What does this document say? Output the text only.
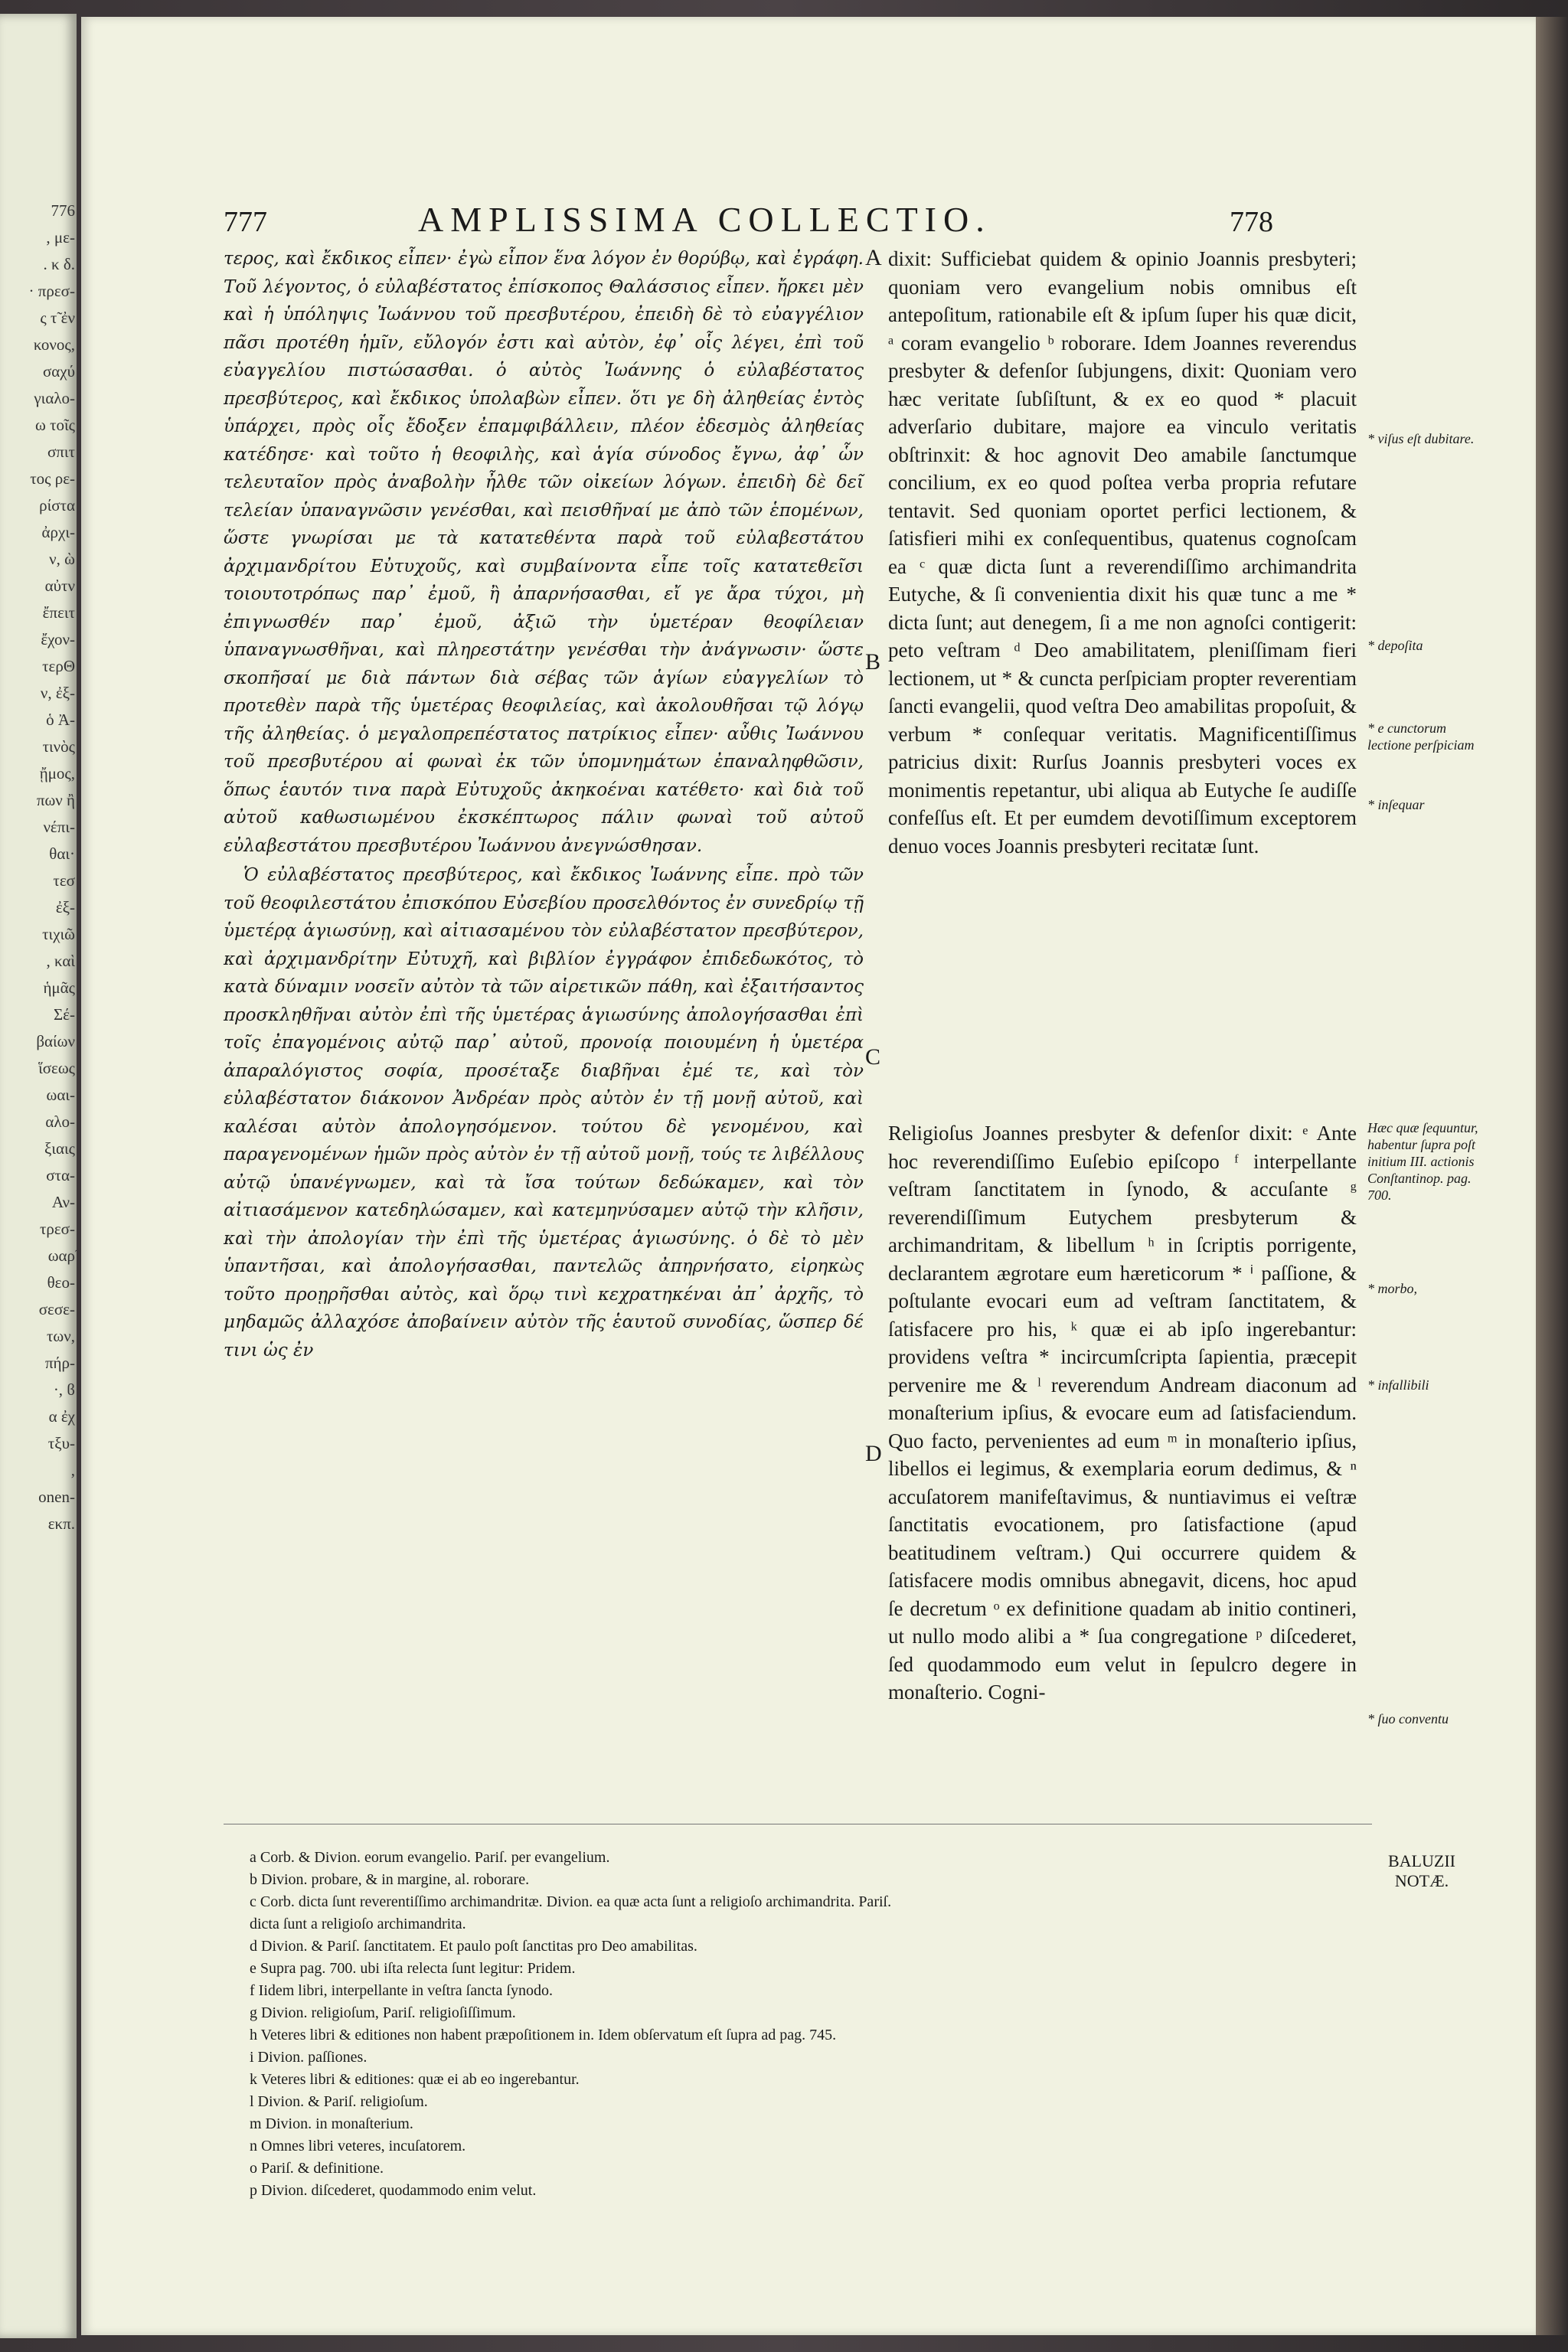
776
, με-
. κ δ.
· πρεσ-
ς τ̃ ἐν
κονος,
σαχύ
γιαλο-
ω τοῖς
σπιτ
τος ρε-
ρίστα
ἀρχι-
ν, ὼ
αὐτν
ἔπειτ
ἔχον-
τερΘ
ν, ἐξ-
ὁ Ἀ-
τινὸς
ᾔμος,
πων ἢ
νέπι-
θαι·
τεσ
ἐξ-
τιχιῶ
, καὶ
ἡμᾶς
Σέ-
βαίων
ἵσεως
ωαι-
αλο-
ξιαις
στα-
Αν-
τρεσ-
ωαρ̃
θεο-
σεσε-
των,
πήρ-
·, ϐ
α ἐχ
τξυ-
,
onen-
εκπ.
777	AMPLISSIMA COLLECTIO.	778
τερος, καὶ ἔκδικος εἶπεν· ἐγὼ εἶπον ἕνα λόγον ἐν θορύβῳ, καὶ ἐγράφη. Τοῦ λέγοντος, ὁ εὐλαβέστατος ἐπίσκοπος Θαλάσσιος εἶπεν. ἤρκει μὲν καὶ ἡ ὑπόληψις Ἰωάννου τοῦ πρεσβυτέρου, ἐπειδὴ δὲ τὸ εὐαγγέλιον πᾶσι προτέθη ἡμῖν, εὔλογόν ἐστι καὶ αὐτὸν, ἐφ᾽ οἷς λέγει, ἐπὶ τοῦ εὐαγγελίου πιστώσασθαι. ὁ αὐτὸς Ἰωάννης ὁ εὐλαβέστατος πρεσβύτερος, καὶ ἔκδικος ὑπολαβὼν εἶπεν. ὅτι γε δὴ ἀληθείας ἐντὸς ὑπάρχει, πρὸς οἷς ἔδοξεν ἐπαμφιβάλλειν, πλέον ἐδεσμὸς ἀληθείας κατέδησε· καὶ τοῦτο ἡ θεοφιλὴς, καὶ ἁγία σύνοδος ἔγνω, ἀφ᾽ ὧν τελευταῖον πρὸς ἀναβολὴν ἦλθε τῶν οἰκείων λόγων. ἐπειδὴ δὲ δεῖ τελείαν ὑπαναγνῶσιν γενέσθαι, καὶ πεισθῆναί με ἀπὸ τῶν ἑπομένων, ὥστε γνωρίσαι με τὰ κατατεθέντα παρὰ τοῦ εὐλαβεστάτου ἀρχιμανδρίτου Εὐτυχοῦς, καὶ συμβαίνοντα εἶπε τοῖς κατατεθεῖσι τοιουτοτρόπως παρ᾽ ἐμοῦ, ἢ ἀπαρνήσασθαι, εἴ γε ἄρα τύχοι, μὴ ἐπιγνωσθέν παρ᾽ ἐμοῦ, ἀξιῶ τὴν ὑμετέραν θεοφίλειαν ὑπαναγνωσθῆναι, καὶ πληρεστάτην γενέσθαι τὴν ἀνάγνωσιν· ὥστε σκοπῆσαί με διὰ πάντων διὰ σέβας τῶν ἁγίων εὐαγγελίων τὸ προτεθὲν παρὰ τῆς ὑμετέρας θεοφιλείας, καὶ ἀκολουθῆσαι τῷ λόγῳ τῆς ἀληθείας. ὁ μεγαλοπρεπέστατος πατρίκιος εἶπεν· αὖθις Ἰωάννου τοῦ πρεσβυτέρου αἱ φωναὶ ἐκ τῶν ὑπομνημάτων ἐπαναληφθῶσιν, ὅπως ἑαυτόν τινα παρὰ Εὐτυχοῦς ἀκηκοέναι κατέθετο· καὶ διὰ τοῦ αὐτοῦ καθωσιωμένου ἐκσκέπτωρος πάλιν φωναὶ τοῦ αὐτοῦ εὐλαβεστάτου πρεσβυτέρου Ἰωάννου ἀνεγνώσθησαν.
Ὁ εὐλαβέστατος πρεσβύτερος, καὶ ἔκδικος Ἰωάννης εἶπε. πρὸ τῶν τοῦ θεοφιλεστάτου ἐπισκόπου Εὐσεβίου προσελθόντος ἐν συνεδρίῳ τῇ ὑμετέρᾳ ἁγιωσύνῃ, καὶ αἰτιασαμένου τὸν εὐλαβέστατον πρεσβύτερον, καὶ ἀρχιμανδρίτην Εὐτυχῆ, καὶ βιβλίον ἐγγράφον ἐπιδεδωκότος, τὸ κατὰ δύναμιν νοσεῖν αὐτὸν τὰ τῶν αἱρετικῶν πάθη, καὶ ἐξαιτήσαντος προσκληθῆναι αὐτὸν ἐπὶ τῆς ὑμετέρας ἁγιωσύνης ἀπολογήσασθαι ἐπὶ τοῖς ἐπαγομένοις αὐτῷ παρ᾽ αὐτοῦ, προνοίᾳ ποιουμένη ἡ ὑμετέρα ἀπαραλόγιστος σοφία, προσέταξε διαβῆναι ἐμέ τε, καὶ τὸν εὐλαβέστατον διάκονον Ἀνδρέαν πρὸς αὐτὸν ἐν τῇ μονῇ αὐτοῦ, καὶ καλέσαι αὐτὸν ἀπολογησόμενον. τούτου δὲ γενομένου, καὶ παραγενομένων ἡμῶν πρὸς αὐτὸν ἐν τῇ αὐτοῦ μονῇ, τούς τε λιβέλλους αὐτῷ ὑπανέγνωμεν, καὶ τὰ ἴσα τούτων δεδώκαμεν, καὶ τὸν αἰτιασάμενον κατεδηλώσαμεν, καὶ κατεμηνύσαμεν αὐτῷ τὴν κλῆσιν, καὶ τὴν ἀπολογίαν τὴν ἐπὶ τῆς ὑμετέρας ἁγιωσύνης. ὁ δὲ τὸ μὲν ὑπαντῆσαι, καὶ ἀπολογήσασθαι, παντελῶς ἀπηρνήσατο, εἰρηκὼς τοῦτο προῃρῆσθαι αὐτὸς, καὶ ὅρῳ τινὶ κεχρατηκέναι ἀπ᾽ ἀρχῆς, τὸ μηδαμῶς ἀλλαχόσε ἀποβαίνειν αὐτὸν τῆς ἑαυτοῦ συνοδίας, ὥσπερ δέ τινι ὡς ἐν
A
B
C
D
dixit: Sufficiebat quidem & opinio Joannis presbyteri; quoniam vero evangelium nobis omnibus eſt antepoſitum, rationabile eſt & ipſum ſuper his quæ dicit, ᵃ coram evangelio ᵇ roborare. Idem Joannes reverendus presbyter & defenſor ſubjungens, dixit: Quoniam vero hæc veritate ſubſiſtunt, & ex eo quod * placuit adverſario dubitare, majore ea vinculo veritatis obſtrinxit: & hoc agnovit Deo amabile ſanctumque concilium, ex eo quod poſtea verba propria refutare tentavit. Sed quoniam oportet perfici lectionem, & ſatisfieri mihi ex conſequentibus, quatenus cognoſcam ea ᶜ quæ dicta ſunt a reverendiſſimo archimandrita Eutyche, & ſi convenientia dixit his quæ tunc a me * dicta ſunt; aut denegem, ſi a me non agnoſci contigerit: peto veſtram ᵈ Deo amabilitatem, pleniſſimam fieri lectionem, ut * & cuncta perſpiciam propter reverentiam ſancti evangelii, quod veſtra Deo amabilitas propoſuit, & verbum * conſequar veritatis. Magnificentiſſimus patricius dixit: Rurſus Joannis presbyteri voces ex monimentis repetantur, ubi aliqua ab Eutyche ſe audiſſe confeſſus eſt. Et per eumdem devotiſſimum exceptorem denuo voces Joannis presbyteri recitatæ ſunt.
Religioſus Joannes presbyter & defenſor dixit: ᵉ Ante hoc reverendiſſimo Euſebio epiſcopo ᶠ interpellante veſtram ſanctitatem in ſynodo, & accuſante ᵍ reverendiſſimum Eutychem presbyterum & archimandritam, & libellum ʰ in ſcriptis porrigente, declarantem ægrotare eum hæreticorum * ⁱ paſſione, & poſtulante evocari eum ad veſtram ſanctitatem, & ſatisfacere pro his, ᵏ quæ ei ab ipſo ingerebantur: providens veſtra * incircumſcripta ſapientia, præcepit pervenire me & ˡ reverendum Andream diaconum ad monaſterium ipſius, & evocare eum ad ſatisfaciendum. Quo facto, pervenientes ad eum ᵐ in monaſterio ipſius, libellos ei legimus, & exemplaria eorum dedimus, & ⁿ accuſatorem manifeſtavimus, & nuntiavimus ei veſtræ ſanctitatis evocationem, pro ſatisfactione (apud beatitudinem veſtram.) Qui occurrere quidem & ſatisfacere modis omnibus abnegavit, dicens, hoc apud ſe decretum ᵒ ex definitione quadam ab initio contineri, ut nullo modo alibi a * ſua congregatione ᵖ diſcederet, ſed quodammodo eum velut in ſepulcro degere in monaſterio. Cogni-
* viſus eſt dubitare.
* depoſita
* e cunctorum lectione perſpiciam
* inſequar
Hæc quæ ſequuntur, habentur ſupra poſt initium III. actionis Conſtantinop. pag. 700.
* morbo,
* infallibili
* ſuo conventu
BALUZII NOTÆ.
a Corb. & Divion. eorum evangelio. Pariſ. per evangelium.
b Divion. probare, & in margine, al. roborare.
c Corb. dicta ſunt reverentiſſimo archimandritæ. Divion. ea quæ acta ſunt a religioſo archimandrita. Pariſ.
dicta ſunt a religioſo archimandrita.
d Divion. & Pariſ. ſanctitatem. Et paulo poſt ſanctitas pro Deo amabilitas.
e Supra pag. 700. ubi iſta relecta ſunt legitur: Pridem.
f Iidem libri, interpellante in veſtra ſancta ſynodo.
g Divion. religioſum, Pariſ. religioſiſſimum.
h Veteres libri & editiones non habent præpoſitionem in. Idem obſervatum eſt ſupra ad pag. 745.
i Divion. paſſiones.
k Veteres libri & editiones: quæ ei ab eo ingerebantur.
l Divion. & Pariſ. religioſum.
m Divion. in monaſterium.
n Omnes libri veteres, incuſatorem.
o Pariſ. & definitione.
p Divion. diſcederet, quodammodo enim velut.
